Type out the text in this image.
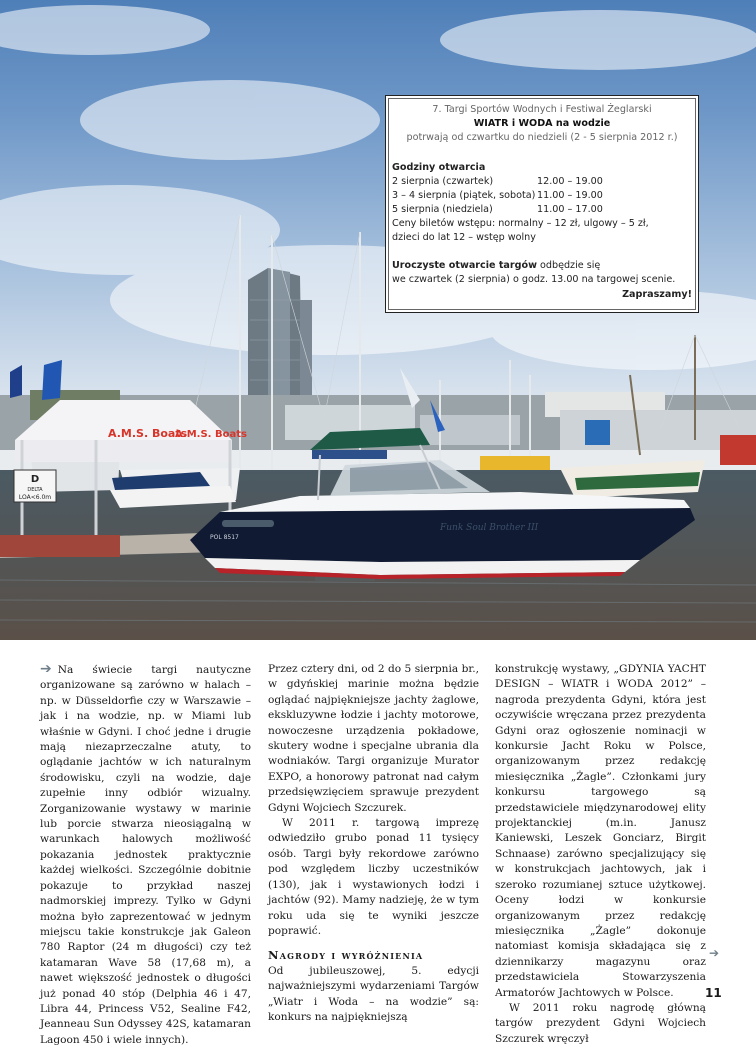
A.M.S. Boats
A.M.S. Boats
D
DELTA
LOA<6.0m
Funk Soul Brother III
POL 8517
7. Targi Sportów Wodnych i Festiwal Żeglarski
WIATR i WODA na wodzie
potrwają od czwartku do niedzieli (2 - 5 sierpnia 2012 r.)
Godziny otwarcia
2 sierpnia (czwartek)	12.00 – 19.00
3 – 4 sierpnia (piątek, sobota) 11.00 – 19.00
5 sierpnia (niedziela)	11.00 – 17.00
Ceny biletów wstępu: normalny – 12 zł, ulgowy – 5 zł,
dzieci do lat 12 – wstęp wolny
Uroczyste otwarcie targów odbędzie się
we czwartek (2 sierpnia) o godz. 13.00 na targowej scenie.
Zapraszamy!

➔ Na świecie targi nautyczne organizowane są zarówno w halach – np. w Düsseldorfie czy w Warszawie – jak i na wodzie, np. w Miami lub właśnie w Gdyni. I choć jedne i drugie mają niezaprzeczalne atuty, to oglądanie jachtów w ich naturalnym środowisku, czyli na wodzie, daje zupełnie inny odbiór wizualny. Zorganizowanie wystawy w marinie lub porcie stwarza nieosiągalną w warunkach halowych możliwość pokazania jednostek praktycznie każdej wielkości. Szczególnie dobitnie pokazuje to przykład naszej nadmorskiej imprezy. Tylko w Gdyni można było zaprezentować w jednym miejscu takie konstrukcje jak Galeon 780 Raptor (24 m długości) czy też katamaran Wave 58 (17,68 m), a nawet większość jednostek o długości już ponad 40 stóp (Delphia 46 i 47, Libra 44, Princess V52, Sealine F42, Jeanneau Sun Odyssey 42S, katamaran Lagoon 450 i wiele innych).

Przez cztery dni, od 2 do 5 sierpnia br., w gdyńskiej marinie można będzie oglądać najpiękniejsze jachty żaglowe, ekskluzywne łodzie i jachty motorowe, nowoczesne urządzenia pokładowe, skutery wodne i specjalne ubrania dla wodniaków. Targi organizuje Murator EXPO, a honorowy patronat nad całym przedsięwzięciem sprawuje prezydent Gdyni Wojciech Szczurek.

W 2011 r. targową imprezę odwiedziło grubo ponad 11 tysięcy osób. Targi były rekordowe zarówno pod względem liczby uczestników (130), jak i wystawionych łodzi i jachtów (92). Mamy nadzieję, że w tym roku uda się te wyniki jeszcze poprawić.

Nagrody i wyróżnienia

Od jubileuszowej, 5. edycji najważniejszymi wydarzeniami Targów „Wiatr i Woda – na wodzie” są: konkurs na najpiękniejszą

konstrukcję wystawy, „GDYNIA YACHT DESIGN – WIATR i WODA 2012” – nagroda prezydenta Gdyni, która jest oczywiście wręczana przez prezydenta Gdyni oraz ogłoszenie nominacji w konkursie Jacht Roku w Polsce, organizowanym przez redakcję miesięcznika „Żagle”. Członkami jury konkursu targowego są przedstawiciele międzynarodowej elity projektanckiej (m.in. Janusz Kaniewski, Leszek Gonciarz, Birgit Schnaase) zarówno specjalizujący się w konstrukcjach jachtowych, jak i szeroko rozumianej sztuce użytkowej. Oceny łodzi w konkursie organizowanym przez redakcję miesięcznika „Żagle” dokonuje natomiast komisja składająca się z dziennikarzy magazynu oraz przedstawiciela Stowarzyszenia Armatorów Jachtowych w Polsce.

W 2011 roku nagrodę główną targów prezydent Gdyni Wojciech Szczurek wręczył

➔
11
